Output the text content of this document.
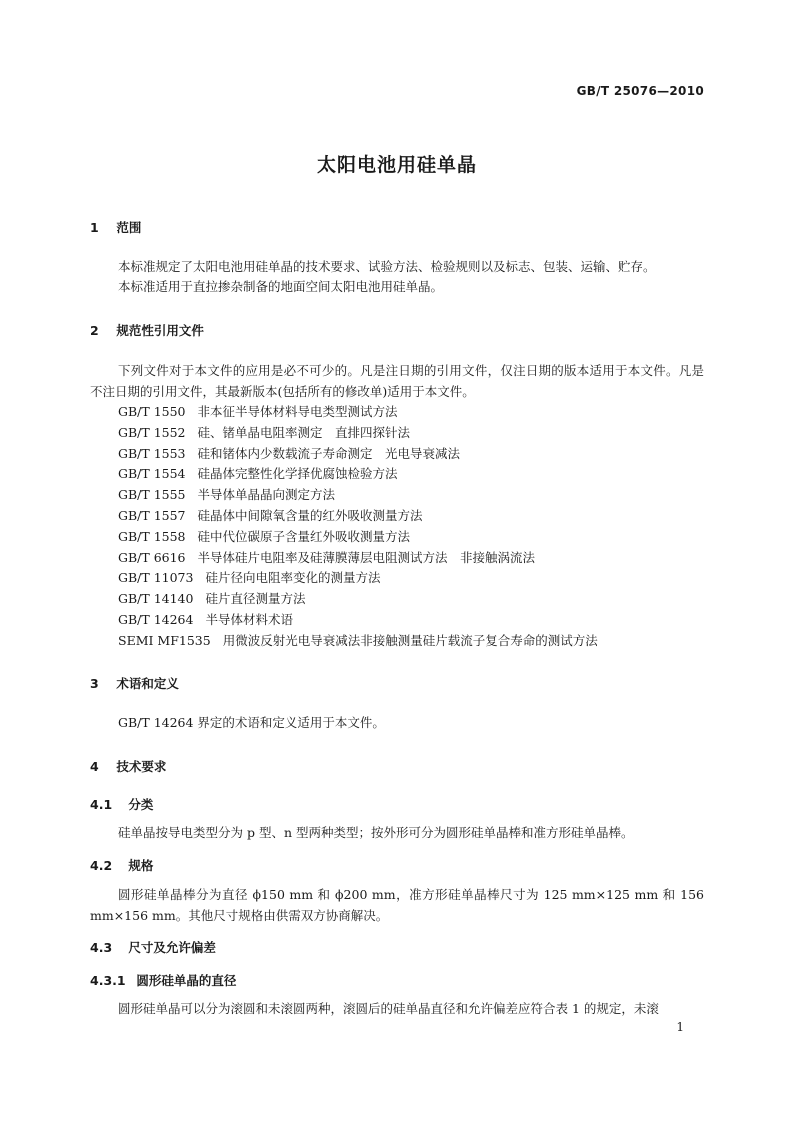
GB/T 25076—2010
太阳电池用硅单晶
1 范围
本标准规定了太阳电池用硅单晶的技术要求、试验方法、检验规则以及标志、包装、运输、贮存。
本标准适用于直拉掺杂制备的地面空间太阳电池用硅单晶。
2 规范性引用文件
下列文件对于本文件的应用是必不可少的。凡是注日期的引用文件，仅注日期的版本适用于本文件。凡是不注日期的引用文件，其最新版本(包括所有的修改单)适用于本文件。
GB/T 1550 非本征半导体材料导电类型测试方法
GB/T 1552 硅、锗单晶电阻率测定　直排四探针法
GB/T 1553 硅和锗体内少数载流子寿命测定　光电导衰减法
GB/T 1554 硅晶体完整性化学择优腐蚀检验方法
GB/T 1555 半导体单晶晶向测定方法
GB/T 1557 硅晶体中间隙氧含量的红外吸收测量方法
GB/T 1558 硅中代位碳原子含量红外吸收测量方法
GB/T 6616 半导体硅片电阻率及硅薄膜薄层电阻测试方法　非接触涡流法
GB/T 11073 硅片径向电阻率变化的测量方法
GB/T 14140 硅片直径测量方法
GB/T 14264 半导体材料术语
SEMI MF1535 用微波反射光电导衰减法非接触测量硅片载流子复合寿命的测试方法
3 术语和定义
GB/T 14264 界定的术语和定义适用于本文件。
4 技术要求
4.1 分类
硅单晶按导电类型分为 p 型、n 型两种类型；按外形可分为圆形硅单晶棒和准方形硅单晶棒。
4.2 规格
圆形硅单晶棒分为直径 ϕ150 mm 和 ϕ200 mm，准方形硅单晶棒尺寸为 125 mm×125 mm 和 156 mm×156 mm。其他尺寸规格由供需双方协商解决。
4.3 尺寸及允许偏差
4.3.1 圆形硅单晶的直径
圆形硅单晶可以分为滚圆和未滚圆两种，滚圆后的硅单晶直径和允许偏差应符合表 1 的规定，未滚
1
